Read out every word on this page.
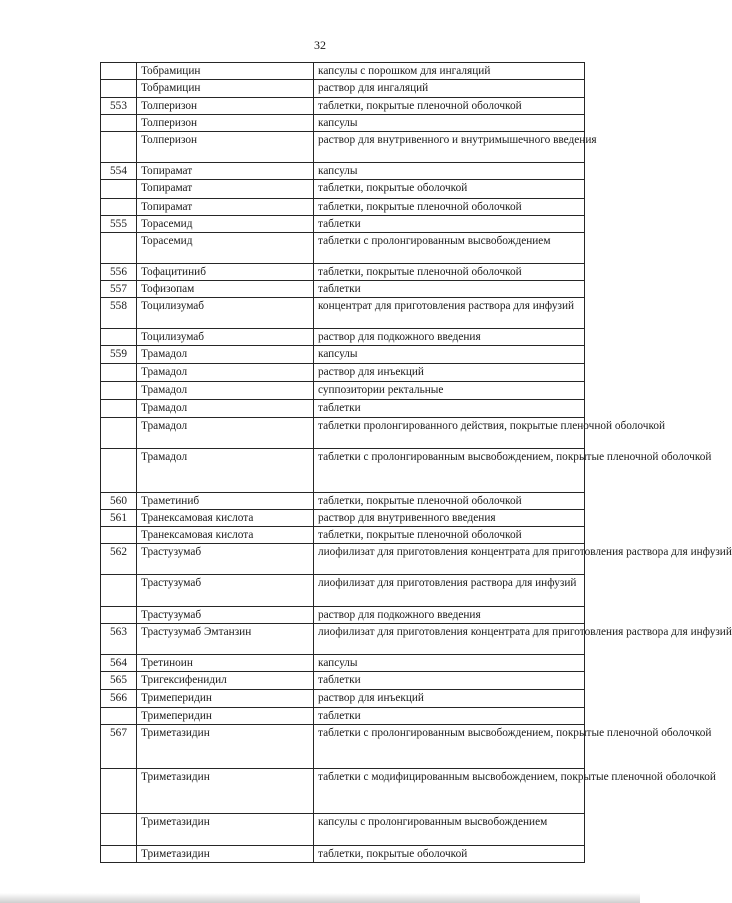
32
	Тобрамицин	капсулы с порошком для ингаляций
	Тобрамицин	раствор для ингаляций
553	Толперизон	таблетки, покрытые пленочной оболочкой
	Толперизон	капсулы
	Толперизон	раствор для внутривенного и внутримышечного введения
554	Топирамат	капсулы
	Топирамат	таблетки, покрытые оболочкой
	Топирамат	таблетки, покрытые пленочной оболочкой
555	Торасемид	таблетки
	Торасемид	таблетки с пролонгированным высвобождением
556	Тофацитиниб	таблетки, покрытые пленочной оболочкой
557	Тофизопам	таблетки
558	Тоцилизумаб	концентрат для приготовления раствора для инфузий
	Тоцилизумаб	раствор для подкожного введения
559	Трамадол	капсулы
	Трамадол	раствор для инъекций
	Трамадол	суппозитории ректальные
	Трамадол	таблетки
	Трамадол	таблетки пролонгированного действия, покрытые пленочной оболочкой
	Трамадол	таблетки с пролонгированным высвобождением, покрытые пленочной оболочкой
560	Траметиниб	таблетки, покрытые пленочной оболочкой
561	Транексамовая кислота	раствор для внутривенного введения
	Транексамовая кислота	таблетки, покрытые пленочной оболочкой
562	Трастузумаб	лиофилизат для приготовления концентрата для приготовления раствора для инфузий
	Трастузумаб	лиофилизат для приготовления раствора для инфузий
	Трастузумаб	раствор для подкожного введения
563	Трастузумаб Эмтанзин	лиофилизат для приготовления концентрата для приготовления раствора для инфузий
564	Третиноин	капсулы
565	Тригексифенидил	таблетки
566	Тримеперидин	раствор для инъекций
	Тримеперидин	таблетки
567	Триметазидин	таблетки с пролонгированным высвобождением, покрытые пленочной оболочкой
	Триметазидин	таблетки с модифицированным высвобождением, покрытые пленочной оболочкой
	Триметазидин	капсулы с пролонгированным высвобождением
	Триметазидин	таблетки, покрытые оболочкой
